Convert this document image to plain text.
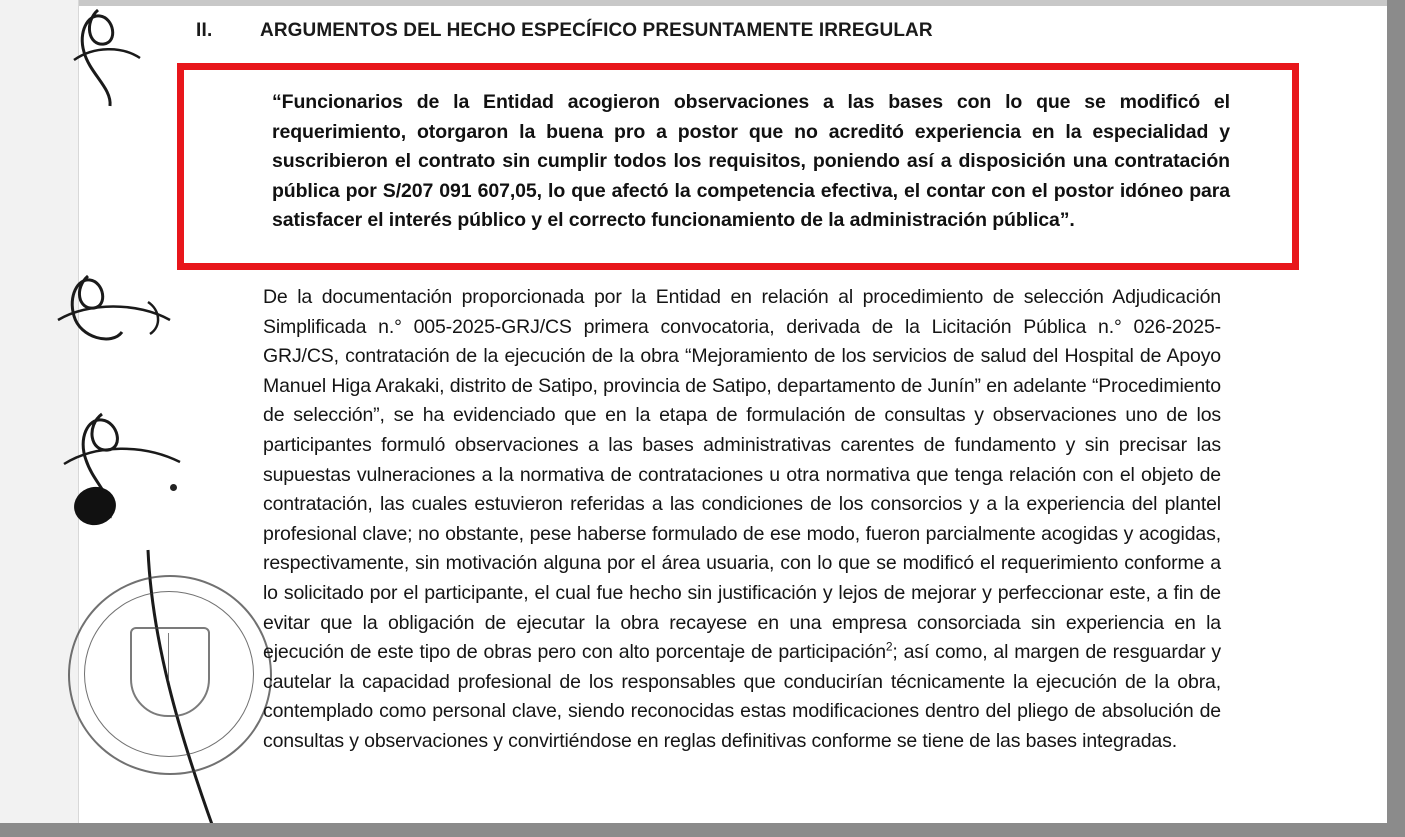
II.	ARGUMENTOS DEL HECHO ESPECÍFICO PRESUNTAMENTE IRREGULAR
“Funcionarios de la Entidad acogieron observaciones a las bases con lo que se modificó el requerimiento, otorgaron la buena pro a postor que no acreditó experiencia en la especialidad y suscribieron el contrato sin cumplir todos los requisitos, poniendo así a disposición una contratación pública por S/207 091 607,05, lo que afectó la competencia efectiva, el contar con el postor idóneo para satisfacer el interés público y el correcto funcionamiento de la administración pública”.
De la documentación proporcionada por la Entidad en relación al procedimiento de selección Adjudicación Simplificada n.° 005-2025-GRJ/CS primera convocatoria, derivada de la Licitación Pública n.° 026-2025-GRJ/CS, contratación de la ejecución de la obra “Mejoramiento de los servicios de salud del Hospital de Apoyo Manuel Higa Arakaki, distrito de Satipo, provincia de Satipo, departamento de Junín” en adelante “Procedimiento de selección”, se ha evidenciado que en la etapa de formulación de consultas y observaciones uno de los participantes formuló observaciones a las bases administrativas carentes de fundamento y sin precisar las supuestas vulneraciones a la normativa de contrataciones u otra normativa que tenga relación con el objeto de contratación, las cuales estuvieron referidas a las condiciones de los consorcios y a la experiencia del plantel profesional clave; no obstante, pese haberse formulado de ese modo, fueron parcialmente acogidas y acogidas, respectivamente, sin motivación alguna por el área usuaria, con lo que se modificó el requerimiento conforme a lo solicitado por el participante, el cual fue hecho sin justificación y lejos de mejorar y perfeccionar este, a fin de evitar que la obligación de ejecutar la obra recayese en una empresa consorciada sin experiencia en la ejecución de este tipo de obras pero con alto porcentaje de participación$^2$; así como, al margen de resguardar y cautelar la capacidad profesional de los responsables que conducirían técnicamente la ejecución de la obra, contemplado como personal clave, siendo reconocidas estas modificaciones dentro del pliego de absolución de consultas y observaciones y convirtiéndose en reglas definitivas conforme se tiene de las bases integradas.
